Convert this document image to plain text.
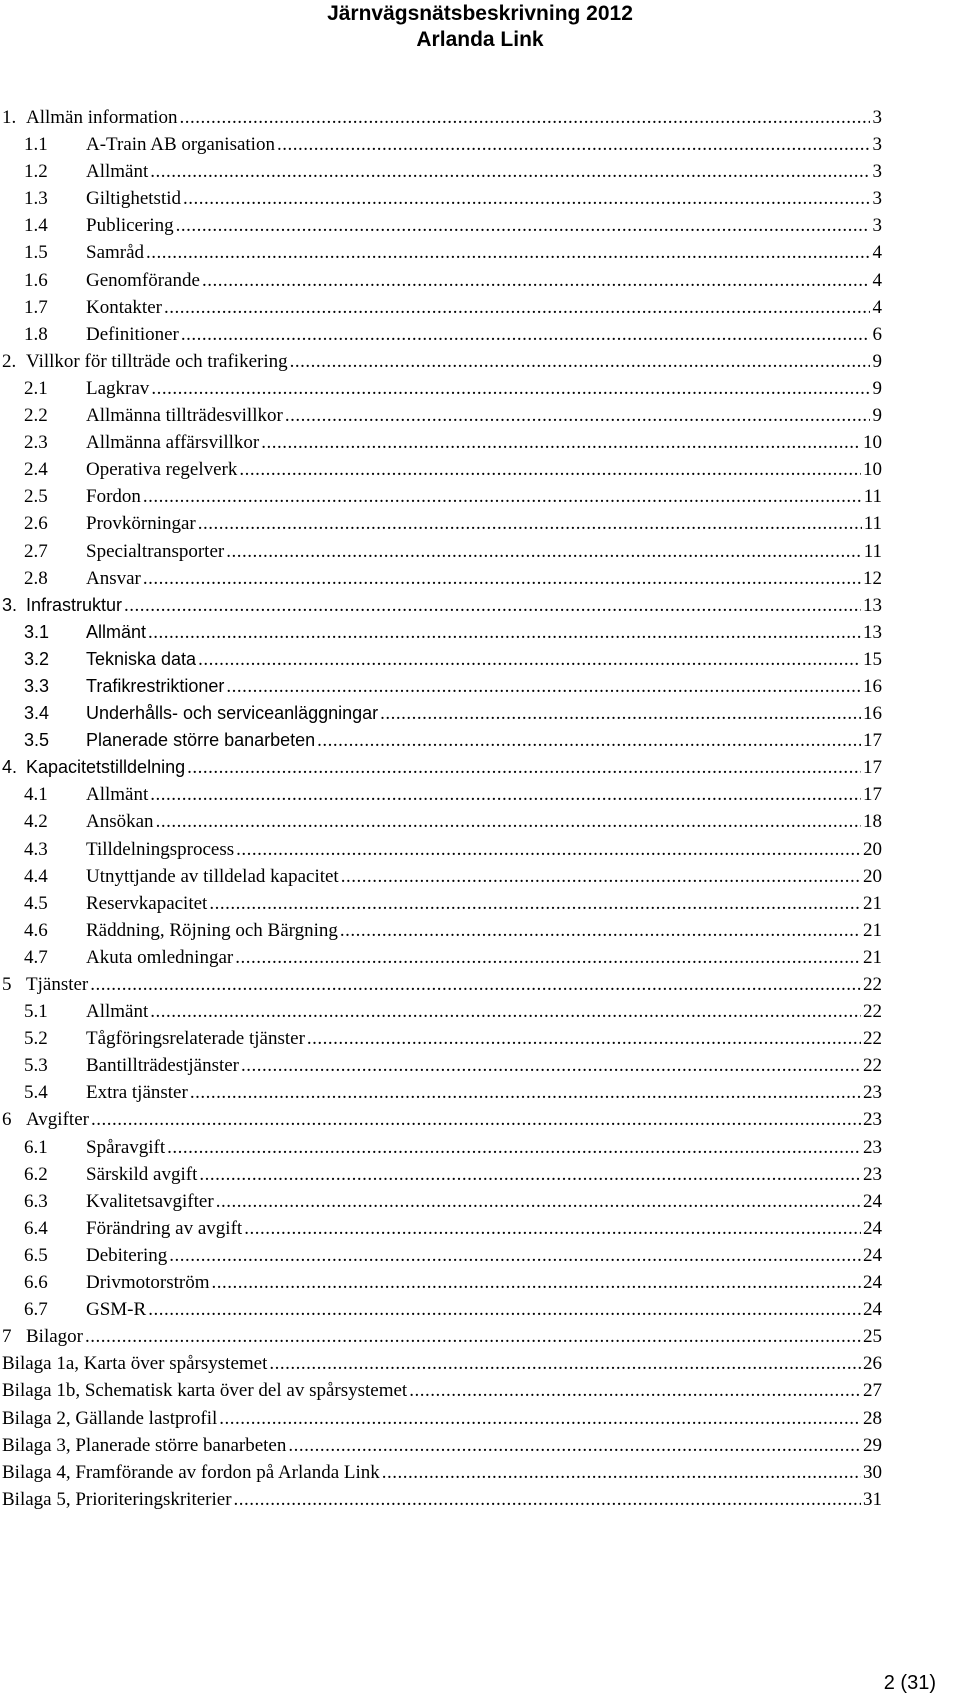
Järnvägsnätsbeskrivning 2012
Arlanda Link
1. Allmän information .....	3
1.1	A-Train AB organisation .....	3
1.2	Allmänt .....	3
1.3	Giltighetstid .....	3
1.4	Publicering .....	3
1.5	Samråd .....	4
1.6	Genomförande .....	4
1.7	Kontakter .....	4
1.8	Definitioner .....	6
2. Villkor för tillträde och trafikering .....	9
2.1	Lagkrav .....	9
2.2	Allmänna tillträdesvillkor .....	9
2.3	Allmänna affärsvillkor .....	10
2.4	Operativa regelverk .....	10
2.5	Fordon .....	11
2.6	Provkörningar .....	11
2.7	Specialtransporter .....	11
2.8	Ansvar .....	12
3. Infrastruktur .....	13
3.1	Allmänt .....	13
3.2	Tekniska data .....	15
3.3	Trafikrestriktioner .....	16
3.4	Underhålls- och serviceanläggningar .....	16
3.5	Planerade större banarbeten .....	17
4. Kapacitetstilldelning .....	17
4.1	Allmänt .....	17
4.2	Ansökan .....	18
4.3	Tilldelningsprocess .....	20
4.4	Utnyttjande av tilldelad kapacitet .....	20
4.5	Reservkapacitet .....	21
4.6	Räddning, Röjning och Bärgning .....	21
4.7	Akuta omledningar .....	21
5 Tjänster .....	22
5.1	Allmänt .....	22
5.2	Tågföringsrelaterade tjänster .....	22
5.3	Bantillträdestjänster .....	22
5.4	Extra tjänster .....	23
6 Avgifter .....	23
6.1	Spåravgift .....	23
6.2	Särskild avgift .....	23
6.3	Kvalitetsavgifter .....	24
6.4	Förändring av avgift .....	24
6.5	Debitering .....	24
6.6	Drivmotorström .....	24
6.7	GSM-R .....	24
7 Bilagor .....	25
Bilaga 1a, Karta över spårsystemet .....	26
Bilaga 1b, Schematisk karta över del av spårsystemet .....	27
Bilaga 2, Gällande lastprofil .....	28
Bilaga 3, Planerade större banarbeten .....	29
Bilaga 4, Framförande av fordon på Arlanda Link .....	30
Bilaga 5, Prioriteringskriterier .....	31
2 (31)
